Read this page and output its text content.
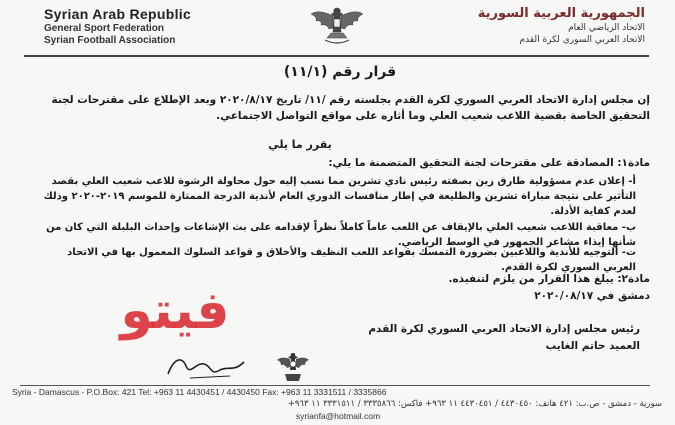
Syrian Arab Republic
General Sport Federation
Syrian Football Association
الجمهورية العربية السورية
الاتحاد الرياضي العام
الاتحاد العربي السوري لكرة القدم
قرار رقم (١١/١)
إن مجلس إدارة الاتحاد العربي السوري لكرة القدم بجلسته رقم /١١/ تاريخ ٢٠٢٠/٨/١٧ وبعد الإطلاع على مقترحات لجنة التحقيق الخاصة بقضية اللاعب شعيب العلي وما أثاره على مواقع التواصل الاجتماعي.
يقرر ما يلي
مادة١: المصادقة على مقترحات لجنة التحقيق المتضمنة ما يلي:
أ- إعلان عدم مسؤولية طارق زين بصفته رئيس نادي تشرين مما نسب إليه حول محاولة الرشوة للاعب شعيب العلي بقصد التأثير على نتيجة مباراة تشرين والطليعة في إطار منافسات الدوري العام لأندية الدرجة الممتازة للموسم ٢٠١٩-٢٠٢٠ وذلك لعدم كفاية الأدلة.
ب- معاقبة اللاعب شعيب العلي بالإيقاف عن اللعب عاماً كاملاً نظراً لإقدامه على بث الإشاعات وإحداث البلبلة التي كان من شأنها إيذاء مشاعر الجمهور في الوسط الرياضي.
ت- التوجيه للأندية واللاعبين بضرورة التمسك بقواعد اللعب النظيف والأخلاق و قواعد السلوك المعمول بها في الاتحاد العربي السوري لكرة القدم.
مادة٢: يبلغ هذا القرار من يلزم لتنفيذه.
دمشق في ٢٠٢٠/٠٨/١٧
فيتو	رئيس مجلس إدارة الاتحاد العربي السوري لكرة القدم
العميد حاتم الغايب
Syria - Damascus - P.O.Box: 421 Tel: +963 11 4430451 / 4430450 Fax: +963 11 3331511 / 3335866
سورية - دمشق - ص.ب: ٤٢١ هاتف: ٤٤٣٠٤٥٠ / ٤٤٣٠٤٥١ ١١ ٩٦٣+ فاكس: ٣٣٣٥٨٦٦ / ٣٣٣١٥١١ ١١ ٩٦٣+
syrianfa@hotmail.com
